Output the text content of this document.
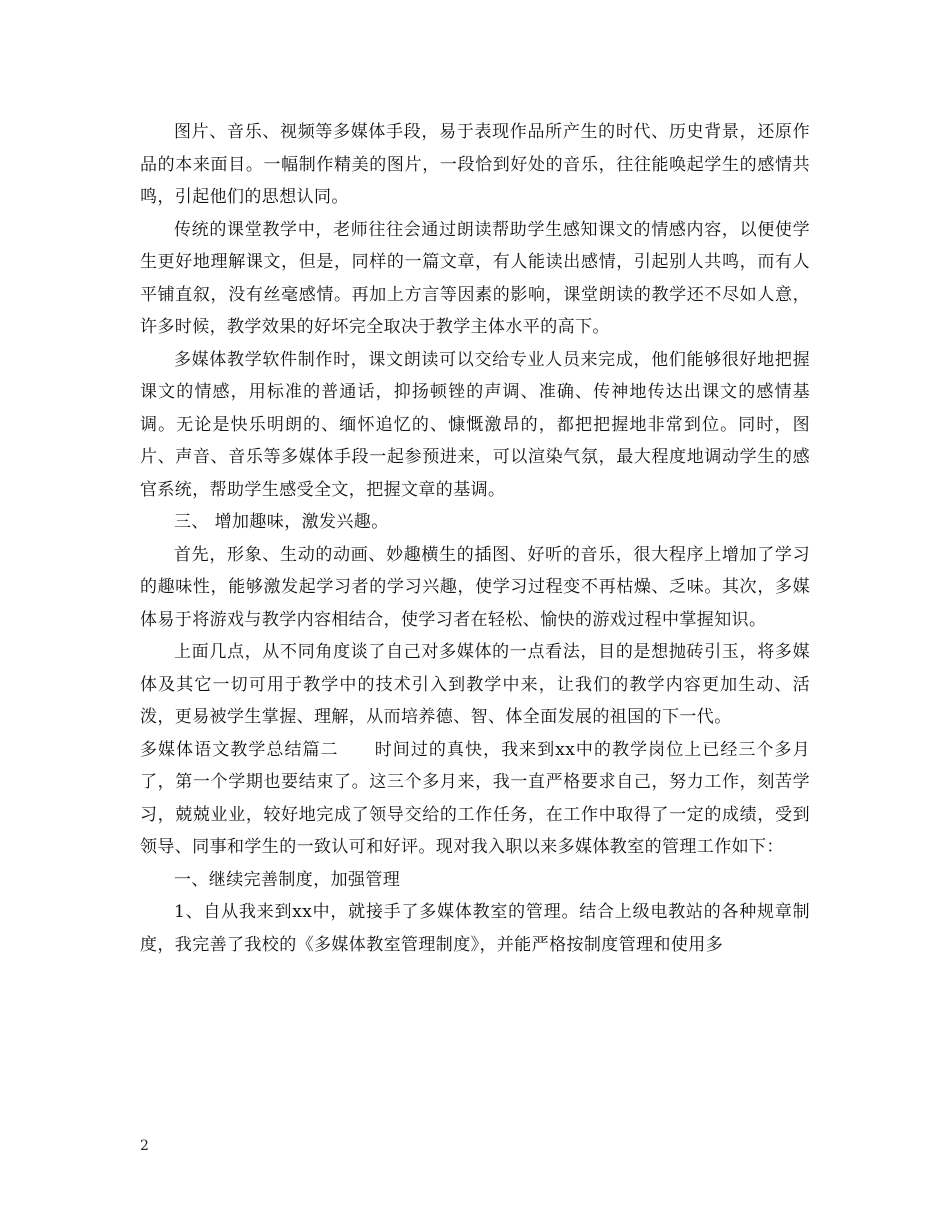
图片、音乐、视频等多媒体手段，易于表现作品所产生的时代、历史背景，还原作品的本来面目。一幅制作精美的图片，一段恰到好处的音乐，往往能唤起学生的感情共鸣，引起他们的思想认同。

传统的课堂教学中，老师往往会通过朗读帮助学生感知课文的情感内容，以便使学生更好地理解课文，但是，同样的一篇文章，有人能读出感情，引起别人共鸣，而有人平铺直叙，没有丝毫感情。再加上方言等因素的影响，课堂朗读的教学还不尽如人意，许多时候，教学效果的好坏完全取决于教学主体水平的高下。

多媒体教学软件制作时，课文朗读可以交给专业人员来完成，他们能够很好地把握课文的情感，用标准的普通话，抑扬顿锉的声调、准确、传神地传达出课文的感情基调。无论是快乐明朗的、缅怀追忆的、慷慨激昂的，都把把握地非常到位。同时，图片、声音、音乐等多媒体手段一起参预进来，可以渲染气氛，最大程度地调动学生的感官系统，帮助学生感受全文，把握文章的基调。

三、 增加趣味，激发兴趣。

首先，形象、生动的动画、妙趣横生的插图、好听的音乐，很大程序上增加了学习的趣味性，能够激发起学习者的学习兴趣，使学习过程变不再枯燥、乏味。其次，多媒体易于将游戏与教学内容相结合，使学习者在轻松、愉快的游戏过程中掌握知识。

上面几点，从不同角度谈了自己对多媒体的一点看法，目的是想抛砖引玉，将多媒体及其它一切可用于教学中的技术引入到教学中来，让我们的教学内容更加生动、活泼，更易被学生掌握、理解，从而培养德、智、体全面发展的祖国的下一代。

多媒体语文教学总结篇二　　时间过的真快，我来到xx中的教学岗位上已经三个多月了，第一个学期也要结束了。这三个多月来，我一直严格要求自己，努力工作，刻苦学习，兢兢业业，较好地完成了领导交给的工作任务，在工作中取得了一定的成绩，受到领导、同事和学生的一致认可和好评。现对我入职以来多媒体教室的管理工作如下：

一、继续完善制度，加强管理

1、自从我来到xx中，就接手了多媒体教室的管理。结合上级电教站的各种规章制度，我完善了我校的《多媒体教室管理制度》，并能严格按制度管理和使用多

2
